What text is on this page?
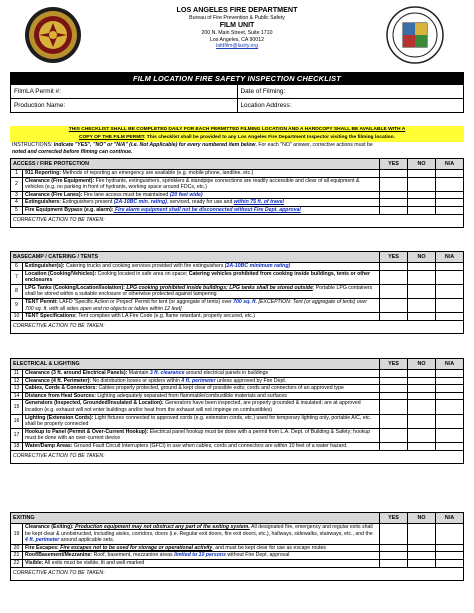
LOS ANGELES FIRE DEPARTMENT
Bureau of Fire Prevention & Public Safety
FILM UNIT
200 N. Main Street, Suite 1710
Los Angeles, CA 90012
lafdfilm@lacity.org
FILM LOCATION FIRE SAFETY INSPECTION CHECKLIST
FilmLA Permit #:	Date of Filming:
Production Name:	Location Address:
THIS CHECKLIST SHALL BE COMPLETED DAILY FOR EACH PERMITTED FILMING LOCATION AND A HARDCOPY SHALL BE AVAILABLE WITH A
COPY OF THE FILM PERMIT. This checklist shall be provided to any Los Angeles Fire Department Inspector visiting the filming location.
INSTRUCTIONS: Indicate "YES", "NO" or "N/A" (i.e. Not Applicable) for every numbered item below. For each "NO" answer, corrective actions must be
noted and corrected before filming can continue.
ACCESS / FIRE PROTECTION		YES	NO	N/A
1	911 Reporting: Methods of reporting an emergency are available (e.g. mobile phone, landline, etc.)			
2	Clearance (Fire Equipment): Fire hydrants, extinguishers, sprinklers & standpipe connections are readily accessible and clear of all equipment & vehicles (e.g. no parking in front of hydrants, working space around FDCs, etc.)			
3	Clearance (Fire Lanes): Fire lane access must be maintained (20 feet wide)			
4	Extinguishers: Extinguishers present (2A-10BC min. rating), serviced, ready for use and within 75 ft. of travel			
5	Fire Equipment Bypass (e.g. alarm): Fire alarm equipment shall not be disconnected without Fire Dept. approval			
CORRECTIVE ACTION TO BE TAKEN:				
BASECAMP / CATERING / TENTS		YES	NO	N/A
6	Extinguisher(s): Catering trucks and cooking services provided with fire extinguishers (2A-10BC minimum rating)			
7	Location (Cooking/Vehicles): Cooking located in safe area on space; Catering vehicles prohibited from cooking inside buildings, tents or other enclosures			
8	LPG Tanks (Cooking/Location/Isolation): LPG cooking prohibited inside buildings; LPG tanks shall be stored outside; Portable LPG containers shall be stored within a suitable enclosure or otherwise protected against tampering			
9	TENT Permit: LAFD 'Specific Action or Project' Permit for tent (or aggregate of tents) over 700 sq. ft. [EXCEPTION: Tent (or aggregate of tents) over 700 sq. ft. with all sides open and no objects or tables within 12 feet]			
10	TENT Specifications: Tent complies with LA Fire Code (e.g. flame retardant, properly secured, etc.)			
CORRECTIVE ACTION TO BE TAKEN:				
ELECTRICAL & LIGHTING		YES	NO	N/A
11	Clearance (3 ft. around Electrical Panels): Maintain 3 ft. clearance around electrical panels in buildings			
12	Clearance (4 ft. Perimeter): No distribution boxes or spiders within 4 ft. perimeter unless approved by Fire Dept.			
13	Cables, Cords & Connectors: Cables properly protected, ground & kept clear of possible exits; cords and connectors of an approved type			
14	Distance from Heat Sources: Lighting adequately separated from flammable/combustible materials and surfaces			
15	Generators (Inspected, Grounded/Insulated & Location): Generators have been inspected, are properly grounded & insulated; are at approved location (e.g. exhaust will not enter buildings and/or heat from the exhaust will not impinge on combustibles)			
16	Lighting (Extension Cords): Light fixtures connected to approved cords (e.g. extension cords, etc.) used for temporary lighting only, portable A/C, etc. shall be properly connected			
17	Hookup to Panel (Permit & Over-Current Hookup): Electrical panel hookup must be done with a permit from L.A. Dept. of Building & Safety; hookup must be done with an over-current device			
18	Water/Damp Areas: Ground Fault Circuit Interrupters (GFCI) in use when cables, cords and connectors are within 10 feet of a water hazard.			
CORRECTIVE ACTION TO BE TAKEN:				
EXITING		YES	NO	N/A
19	Clearance (Exiting): Production equipment may not obstruct any part of the exiting system. All designated fire, emergency and regular exits shall be kept clear & unobstructed, including aisles, corridors, doors (i.e. Regular exit doors, fire exit doors, etc.), hallways, sidewalks, stairways, etc., and the 4 ft. perimeter around applicable sets.			
20	Fire Escapes: Fire escapes not to be used for storage or operational activity, and must be kept clear for use as escape routes			
21	Roof/Basement/Mezzanine: Roof, basement, mezzanine areas limited to 10 persons without Fire Dept. approval			
22	Visible: All exits must be visible, lit and well-marked			
CORRECTIVE ACTION TO BE TAKEN:				
